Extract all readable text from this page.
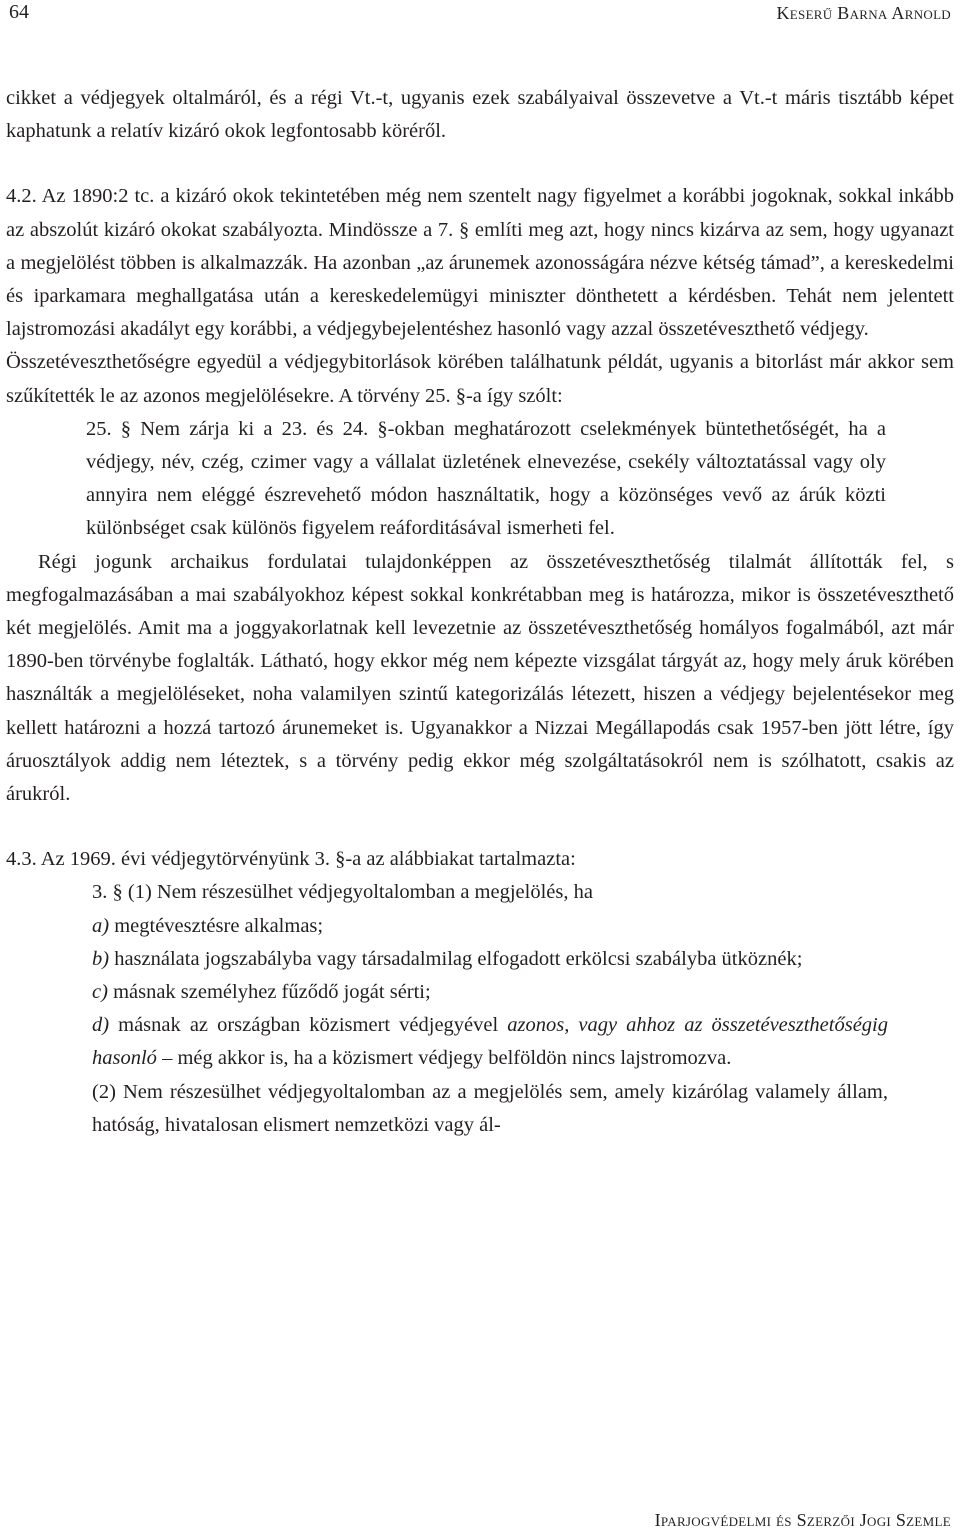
64	Keserű Barna Arnold

cikket a védjegyek oltalmáról, és a régi Vt.-t, ugyanis ezek szabályaival összevetve a Vt.-t máris tisztább képet kaphatunk a relatív kizáró okok legfontosabb köréről.

4.2. Az 1890:2 tc. a kizáró okok tekintetében még nem szentelt nagy figyelmet a korábbi jogoknak, sokkal inkább az abszolút kizáró okokat szabályozta. Mindössze a 7. § említi meg azt, hogy nincs kizárva az sem, hogy ugyanazt a megjelölést többen is alkalmazzák. Ha azonban „az árunemek azonosságára nézve kétség támad”, a kereskedelmi és iparkamara meghallgatása után a kereskedelemügyi miniszter dönthetett a kérdésben. Tehát nem jelentett lajstromozási akadályt egy korábbi, a védjegybejelentéshez hasonló vagy azzal összetéveszthető védjegy.

Összetéveszthetőségre egyedül a védjegybitorlások körében találhatunk példát, ugyanis a bitorlást már akkor sem szűkítették le az azonos megjelölésekre. A törvény 25. §-a így szólt:

25. § Nem zárja ki a 23. és 24. §-okban meghatározott cselekmények büntethetőségét, ha a védjegy, név, czég, czimer vagy a vállalat üzletének elnevezése, csekély változtatással vagy oly annyira nem eléggé észrevehető módon használtatik, hogy a közönséges vevő az árúk közti különbséget csak különös figyelem reáforditásával ismerheti fel.

Régi jogunk archaikus fordulatai tulajdonképpen az összetéveszthetőség tilalmát állították fel, s megfogalmazásában a mai szabályokhoz képest sokkal konkrétabban meg is határozza, mikor is összetéveszthető két megjelölés. Amit ma a joggyakorlatnak kell levezetnie az összetéveszthetőség homályos fogalmából, azt már 1890-ben törvénybe foglalták. Látható, hogy ekkor még nem képezte vizsgálat tárgyát az, hogy mely áruk körében használták a megjelöléseket, noha valamilyen szintű kategorizálás létezett, hiszen a védjegy bejelentésekor meg kellett határozni a hozzá tartozó árunemeket is. Ugyanakkor a Nizzai Megállapodás csak 1957-ben jött létre, így áruosztályok addig nem léteztek, s a törvény pedig ekkor még szolgáltatásokról nem is szólhatott, csakis az árukról.

4.3. Az 1969. évi védjegytörvényünk 3. §-a az alábbiakat tartalmazta:

3. § (1) Nem részesülhet védjegyoltalomban a megjelölés, ha

a) megtévesztésre alkalmas;

b) használata jogszabályba vagy társadalmilag elfogadott erkölcsi szabályba ütköznék;

c) másnak személyhez fűződő jogát sérti;

d) másnak az országban közismert védjegyével azonos, vagy ahhoz az összetéveszthetőségig hasonló – még akkor is, ha a közismert védjegy belföldön nincs lajstromozva.

(2) Nem részesülhet védjegyoltalomban az a megjelölés sem, amely kizárólag valamely állam, hatóság, hivatalosan elismert nemzetközi vagy ál-

Iparjogvédelmi és Szerzői Jogi Szemle
